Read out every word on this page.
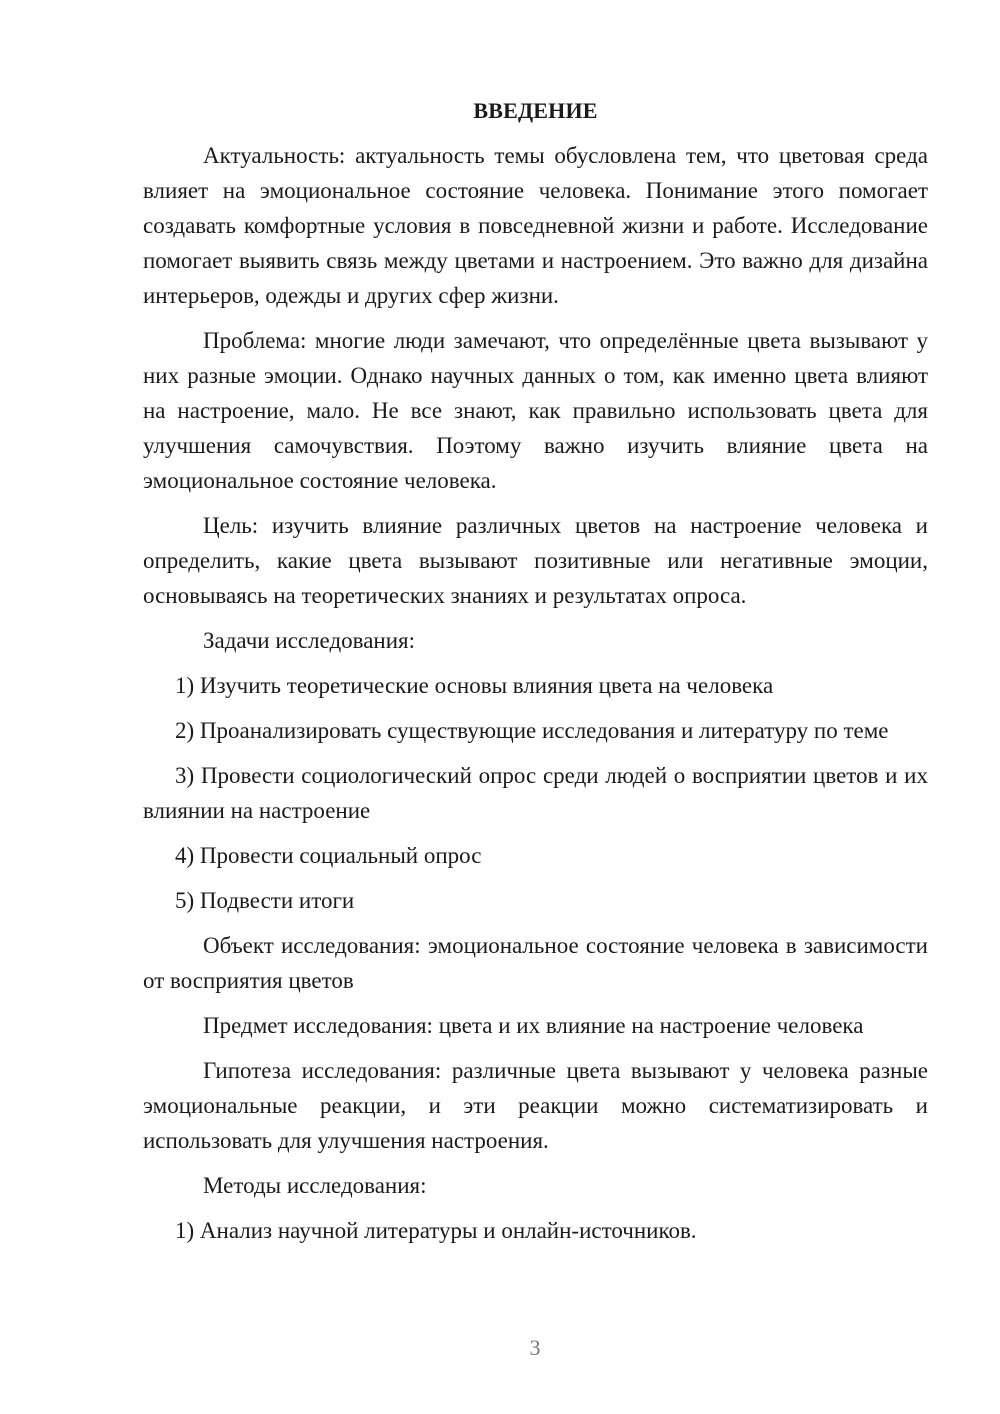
ВВЕДЕНИЕ

Актуальность: актуальность темы обусловлена тем, что цветовая среда влияет на эмоциональное состояние человека. Понимание этого помогает создавать комфортные условия в повседневной жизни и работе. Исследование помогает выявить связь между цветами и настроением. Это важно для дизайна интерьеров, одежды и других сфер жизни.

Проблема: многие люди замечают, что определённые цвета вызывают у них разные эмоции. Однако научных данных о том, как именно цвета влияют на настроение, мало. Не все знают, как правильно использовать цвета для улучшения самочувствия. Поэтому важно изучить влияние цвета на эмоциональное состояние человека.

Цель: изучить влияние различных цветов на настроение человека и определить, какие цвета вызывают позитивные или негативные эмоции, основываясь на теоретических знаниях и результатах опроса.

Задачи исследования:

1) Изучить теоретические основы влияния цвета на человека

2) Проанализировать существующие исследования и литературу по теме

3) Провести социологический опрос среди людей о восприятии цветов и их влиянии на настроение

4) Провести социальный опрос

5) Подвести итоги

Объект исследования: эмоциональное состояние человека в зависимости от восприятия цветов

Предмет исследования: цвета и их влияние на настроение человека

Гипотеза исследования: различные цвета вызывают у человека разные эмоциональные реакции, и эти реакции можно систематизировать и использовать для улучшения настроения.

Методы исследования:

1) Анализ научной литературы и онлайн-источников.

3
